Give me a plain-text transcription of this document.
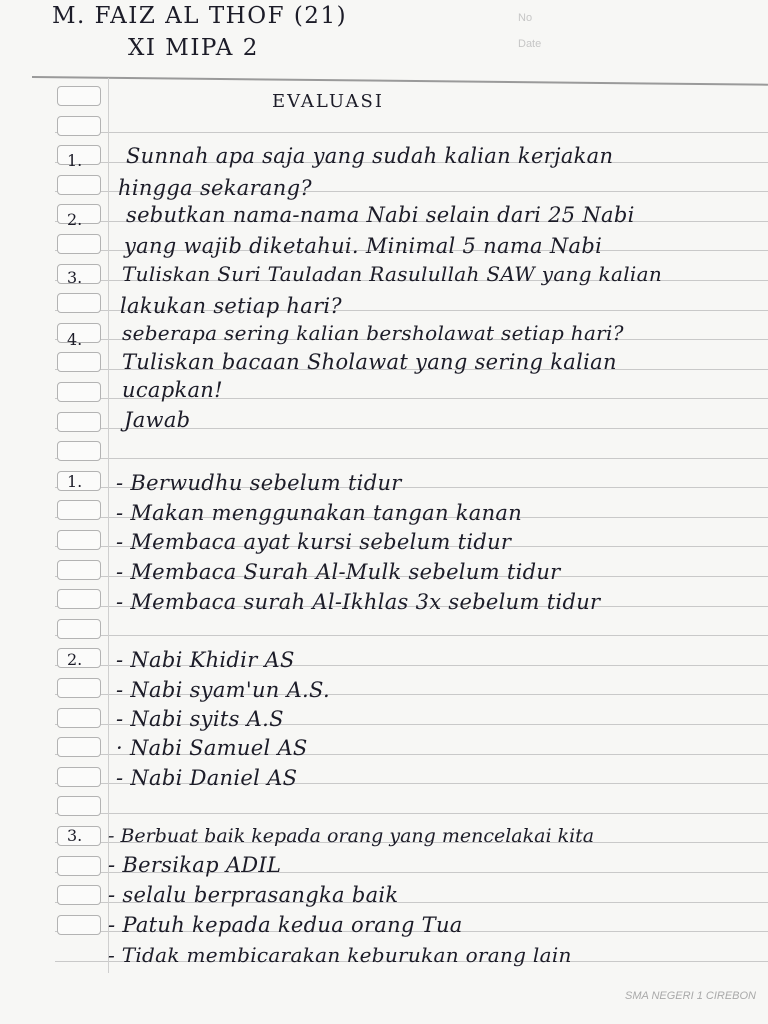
No
Date
M. FAIZ AL THOF (21)
XI MIPA 2
EVALUASI
1. Sunnah apa saja yang sudah kalian kerjakan
hingga sekarang?
2. sebutkan nama-nama Nabi selain dari 25 Nabi
yang wajib diketahui. Minimal 5 nama Nabi
3. Tuliskan Suri Tauladan Rasulullah SAW yang kalian
lakukan setiap hari?
4. seberapa sering kalian bersholawat setiap hari?
Tuliskan bacaan Sholawat yang sering kalian
ucapkan!
Jawab
1. - Berwudhu sebelum tidur
- Makan menggunakan tangan kanan
- Membaca ayat kursi sebelum tidur
- Membaca Surah Al-Mulk sebelum tidur
- Membaca surah Al-Ikhlas 3x sebelum tidur
2. - Nabi Khidir AS
- Nabi syam'un A.S.
- Nabi syits A.S
· Nabi Samuel AS
- Nabi Daniel AS
3. - Berbuat baik kepada orang yang mencelakai kita
- Bersikap ADIL
- selalu berprasangka baik
- Patuh kepada kedua orang Tua
- Tidak membicarakan keburukan orang lain
SMA NEGERI 1 CIREBON
